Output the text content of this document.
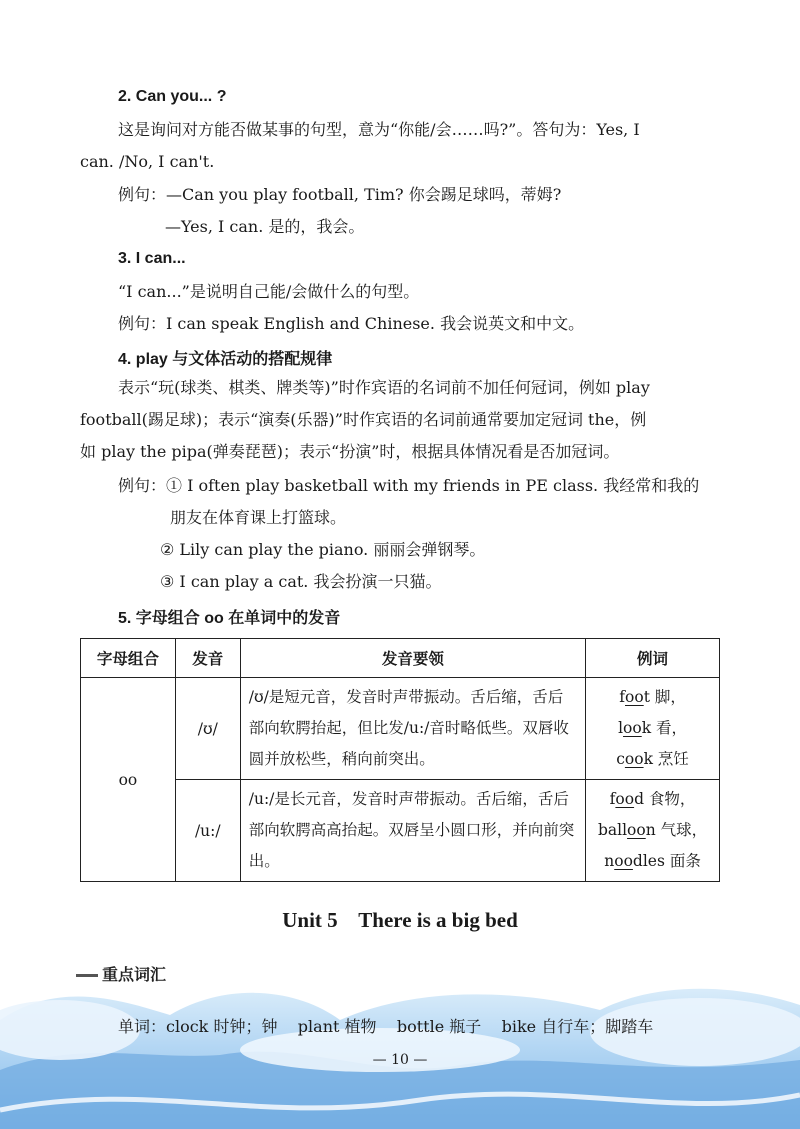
2. Can you... ?
这是询问对方能否做某事的句型，意为“你能/会……吗?”。答句为：Yes, I
can. /No, I can't.
例句：—Can you play football, Tim? 你会踢足球吗，蒂姆?
—Yes, I can. 是的，我会。
3. I can...
“I can...”是说明自己能/会做什么的句型。
例句：I can speak English and Chinese. 我会说英文和中文。
4. play 与文体活动的搭配规律
表示“玩(球类、棋类、牌类等)”时作宾语的名词前不加任何冠词，例如 play
football(踢足球)；表示“演奏(乐器)”时作宾语的名词前通常要加定冠词 the，例
如 play the pipa(弹奏琵琶)；表示“扮演”时，根据具体情况看是否加冠词。
例句：① I often play basketball with my friends in PE class. 我经常和我的
朋友在体育课上打篮球。
② Lily can play the piano. 丽丽会弹钢琴。
③ I can play a cat. 我会扮演一只猫。
5. 字母组合 oo 在单词中的发音
字母组合	发音	发音要领	例词
oo	/ʊ/	/ʊ/是短元音，发音时声带振动。舌后缩，舌后部向软腭抬起，但比发/u:/音时略低些。双唇收圆并放松些，稍向前突出。	foot 脚，
look 看，
cook 烹饪

	/u:/	/u:/是长元音，发音时声带振动。舌后缩，舌后部向软腭高高抬起。双唇呈小圆口形，并向前突出。	food 食物，
balloon 气球，
noodles 面条
Unit 5    There is a big bed
重点词汇
单词：clock 时钟；钟    plant 植物    bottle 瓶子    bike 自行车；脚踏车
— 10 —
